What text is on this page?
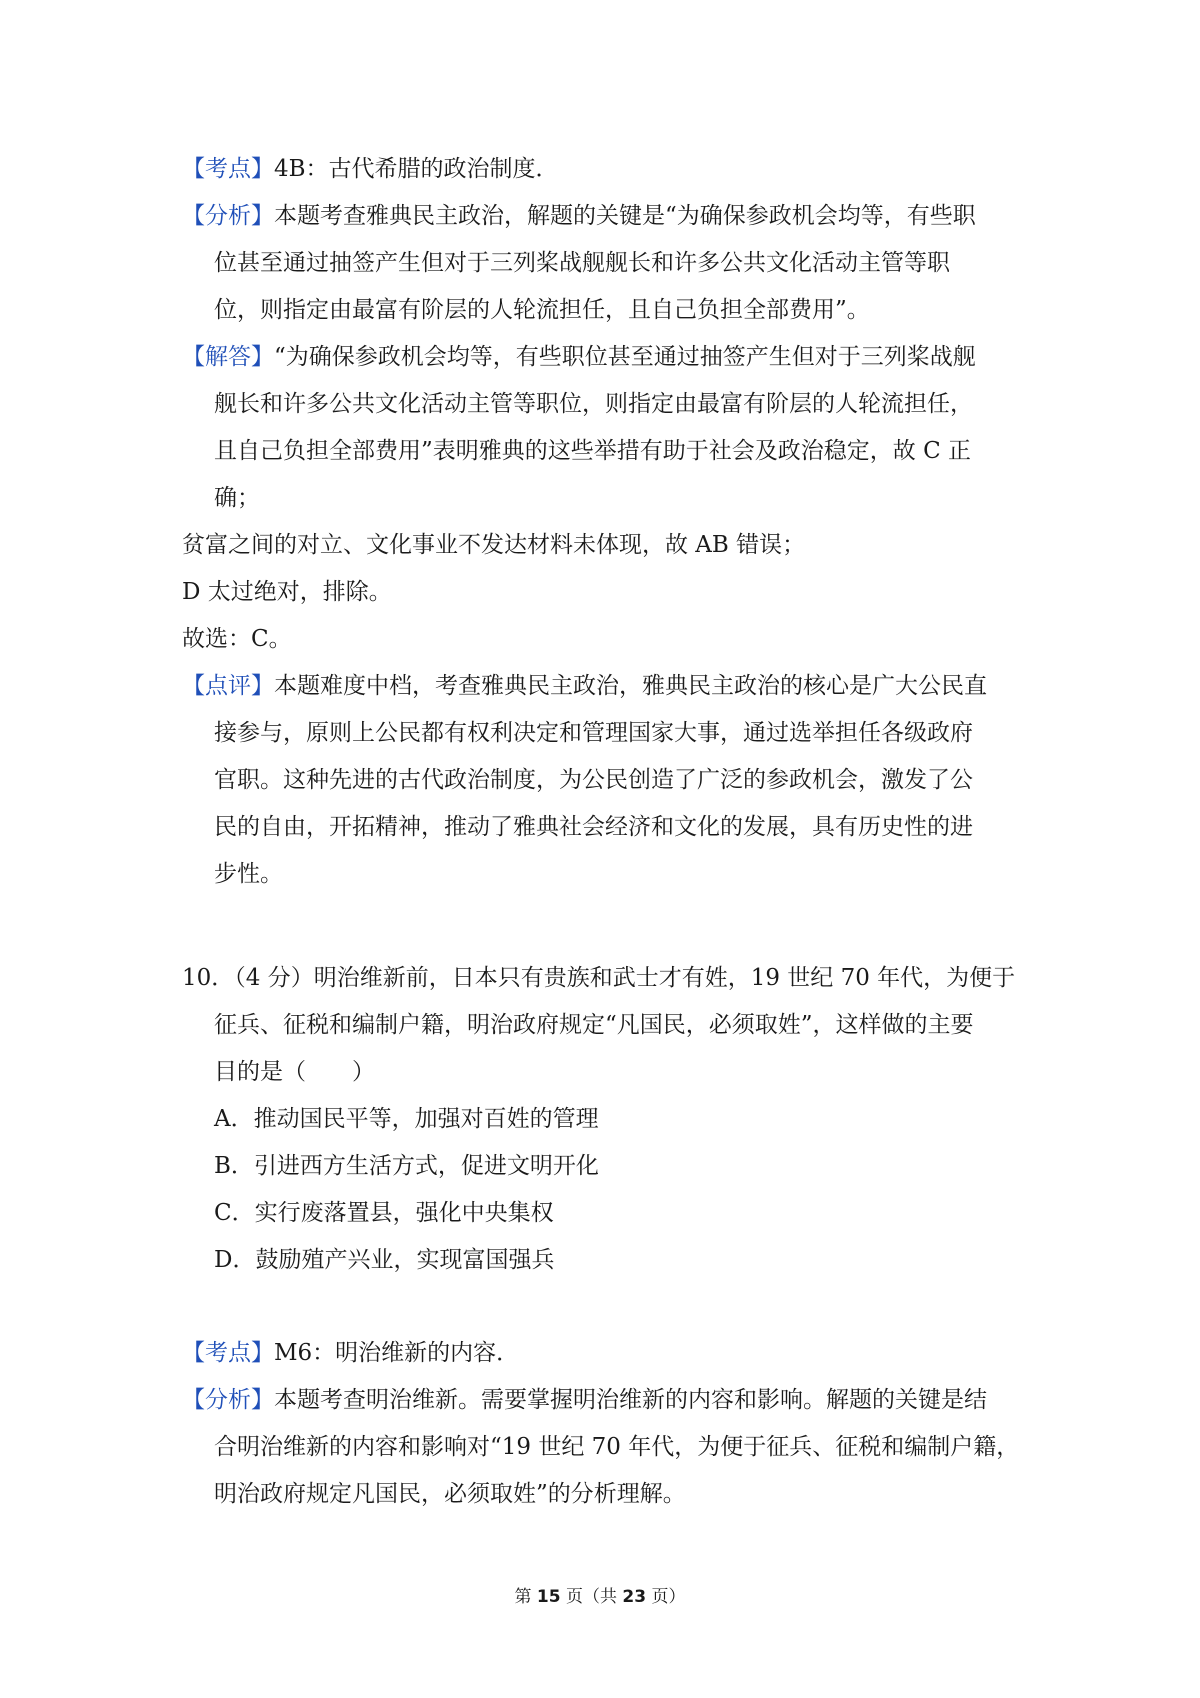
【考点】4B：古代希腊的政治制度．
【分析】本题考查雅典民主政治，解题的关键是“为确保参政机会均等，有些职
位甚至通过抽签产生但对于三列桨战舰舰长和许多公共文化活动主管等职
位，则指定由最富有阶层的人轮流担任，且自己负担全部费用”。
【解答】“为确保参政机会均等，有些职位甚至通过抽签产生但对于三列桨战舰
舰长和许多公共文化活动主管等职位，则指定由最富有阶层的人轮流担任，
且自己负担全部费用”表明雅典的这些举措有助于社会及政治稳定，故 C 正
确；
贫富之间的对立、文化事业不发达材料未体现，故 AB 错误；
D 太过绝对，排除。
故选：C。
【点评】本题难度中档，考查雅典民主政治，雅典民主政治的核心是广大公民直
接参与，原则上公民都有权利决定和管理国家大事，通过选举担任各级政府
官职。这种先进的古代政治制度，为公民创造了广泛的参政机会，激发了公
民的自由，开拓精神，推动了雅典社会经济和文化的发展，具有历史性的进
步性。
10．（4 分）明治维新前，日本只有贵族和武士才有姓，19 世纪 70 年代，为便于
征兵、征税和编制户籍，明治政府规定“凡国民，必须取姓”，这样做的主要
目的是（　　）
A．推动国民平等，加强对百姓的管理
B．引进西方生活方式，促进文明开化
C．实行废落置县，强化中央集权
D．鼓励殖产兴业，实现富国强兵
【考点】M6：明治维新的内容．
【分析】本题考查明治维新。需要掌握明治维新的内容和影响。解题的关键是结
合明治维新的内容和影响对“19 世纪 70 年代，为便于征兵、征税和编制户籍，
明治政府规定凡国民，必须取姓”的分析理解。
第 15 页（共 23 页）
